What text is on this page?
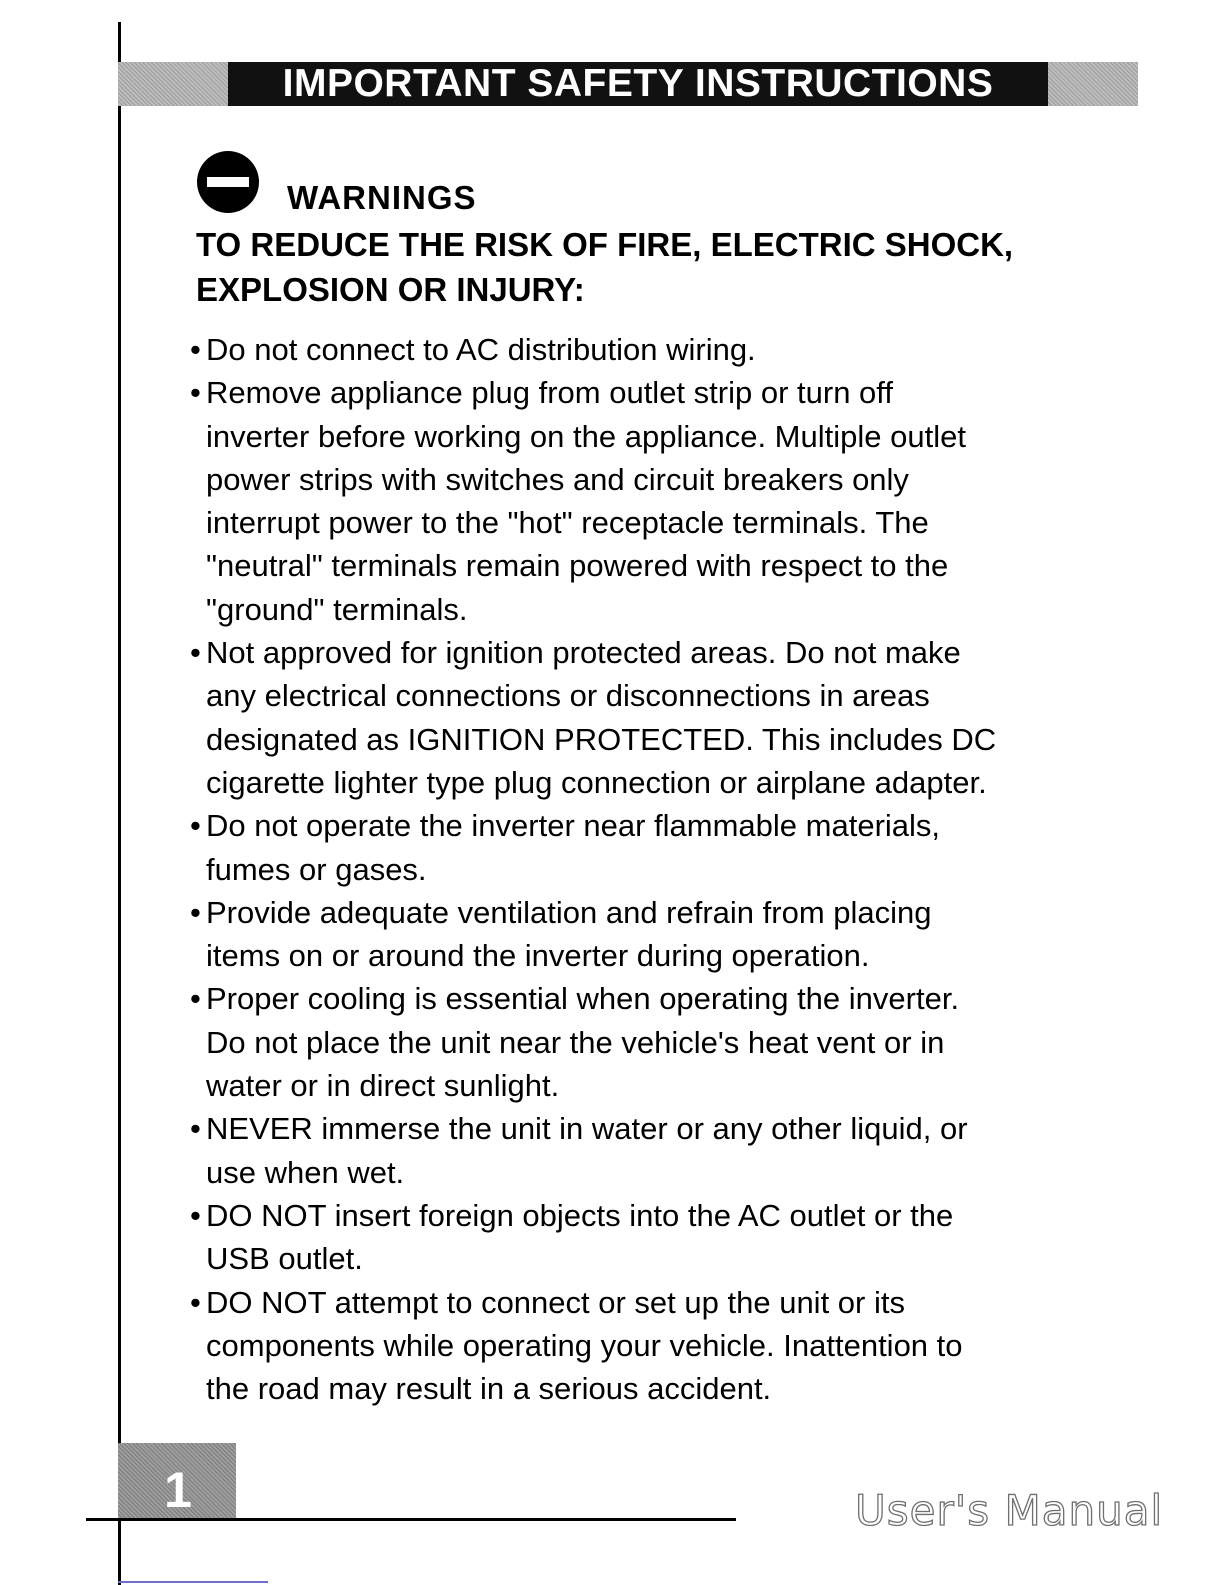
IMPORTANT SAFETY INSTRUCTIONS
WARNINGS
TO REDUCE THE RISK OF FIRE, ELECTRIC SHOCK,
EXPLOSION OR INJURY:
• Do not connect to AC distribution wiring.
• Remove appliance plug from outlet strip or turn off
inverter before working on the appliance. Multiple outlet
power strips with switches and circuit breakers only
interrupt power to the "hot" receptacle terminals. The
"neutral" terminals remain powered with respect to the
"ground" terminals.
• Not approved for ignition protected areas. Do not make
any electrical connections or disconnections in areas
designated as IGNITION PROTECTED. This includes DC
cigarette lighter type plug connection or airplane adapter.
• Do not operate the inverter near flammable materials,
fumes or gases.
• Provide adequate ventilation and refrain from placing
items on or around the inverter during operation.
• Proper cooling is essential when operating the inverter.
Do not place the unit near the vehicle's heat vent or in
water or in direct sunlight.
• NEVER immerse the unit in water or any other liquid, or
use when wet.
• DO NOT insert foreign objects into the AC outlet or the
USB outlet.
• DO NOT attempt to connect or set up the unit or its
components while operating your vehicle. Inattention to
the road may result in a serious accident.
1	User's Manual
